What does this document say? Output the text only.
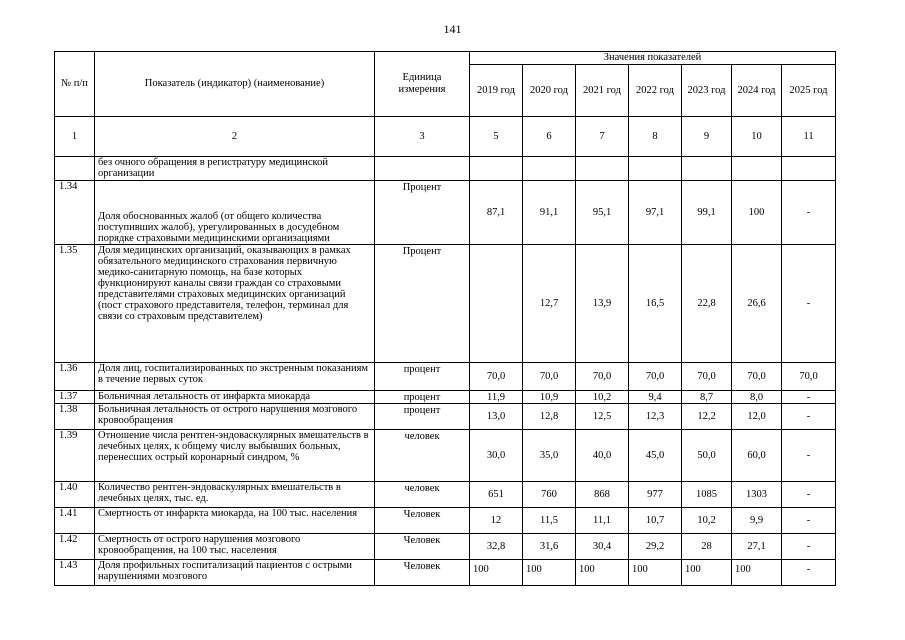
141
№ п/п	Показатель (индикатор) (наименование)	Единица измерения	Значения показателей						
			2019 год	2020 год	2021 год	2022 год	2023 год	2024 год	2025 год
1	2	3	5	6	7	8	9	10	11
	без очного обращения в регистратуру медицинской организации								
1.34	Доля обоснованных жалоб (от общего количества поступивших жалоб), урегулированных в досудебном порядке страховыми медицинскими организациями	Процент	87,1	91,1	95,1	97,1	99,1	100	-
1.35	Доля медицинских организаций, оказывающих в рамках обязательного медицинского страхования первичную медико-санитарную помощь, на базе которых функционируют каналы связи граждан со страховыми представителями страховых медицинских организаций (пост страхового представителя, телефон, терминал для связи со страховым представителем)	Процент		12,7	13,9	16,5	22,8	26,6	-
1.36	Доля лиц, госпитализированных по экстренным показаниям в течение первых суток	процент	70,0	70,0	70,0	70,0	70,0	70,0	70,0
1.37	Больничная летальность от инфаркта миокарда	процент	11,9	10,9	10,2	9,4	8,7	8,0	-
1.38	Больничная летальность от острого нарушения мозгового кровообращения	процент	13,0	12,8	12,5	12,3	12,2	12,0	-
1.39	Отношение числа рентген-эндоваскулярных вмешательств в лечебных целях, к общему числу выбывших больных, перенесших острый коронарный синдром, %	человек	30,0	35,0	40,0	45,0	50,0	60,0	-
1.40	Количество рентген-эндоваскулярных вмешательств в лечебных целях, тыс. ед.	человек	651	760	868	977	1085	1303	-
1.41	Смертность от инфаркта миокарда, на 100 тыс. населения	Человек	12	11,5	11,1	10,7	10,2	9,9	-
1.42	Смертность от острого нарушения мозгового кровообращения, на 100 тыс. населения	Человек	32,8	31,6	30,4	29,2	28	27,1	-
1.43	Доля профильных госпитализаций пациентов с острыми нарушениями мозгового	Человек	100	100	100	100	100	100	-
